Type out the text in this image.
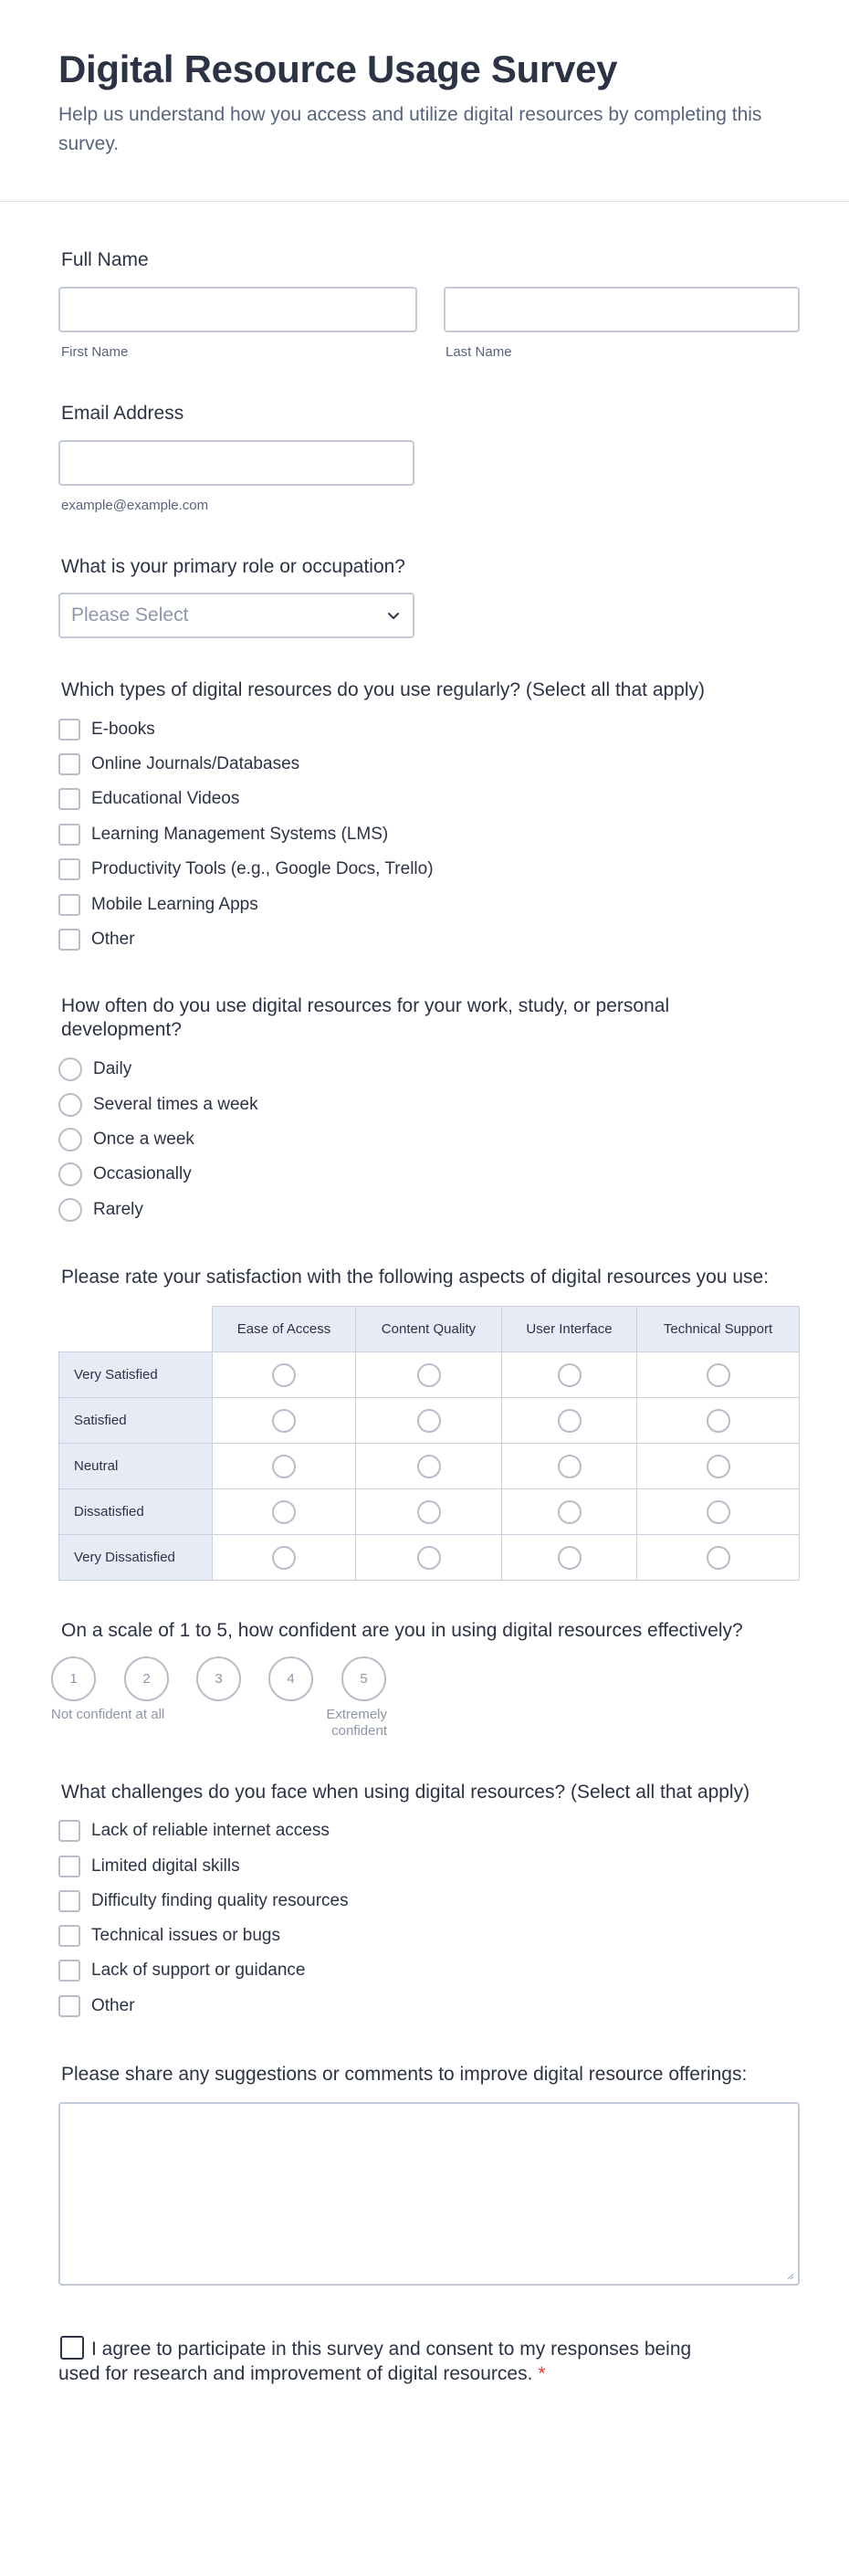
Digital Resource Usage Survey

Help us understand how you access and utilize digital resources by completing this survey.

Full Name
First Name	Last Name
Email Address
example@example.com
What is your primary role or occupation?
Please Select
Which types of digital resources do you use regularly? (Select all that apply)
E-books
Online Journals/Databases
Educational Videos
Learning Management Systems (LMS)
Productivity Tools (e.g., Google Docs, Trello)
Mobile Learning Apps
Other
How often do you use digital resources for your work, study, or personal development?
Daily
Several times a week
Once a week
Occasionally
Rarely
Please rate your satisfaction with the following aspects of digital resources you use:
	Ease of Access	Content Quality	User Interface	Technical Support
Very Satisfied				
Satisfied				
Neutral				
Dissatisfied				
Very Dissatisfied				
On a scale of 1 to 5, how confident are you in using digital resources effectively?
1	2	3	4	5
Not confident at all	Extremely confident
What challenges do you face when using digital resources? (Select all that apply)
Lack of reliable internet access
Limited digital skills
Difficulty finding quality resources
Technical issues or bugs
Lack of support or guidance
Other
Please share any suggestions or comments to improve digital resource offerings:
I agree to participate in this survey and consent to my responses being used for research and improvement of digital resources. *
